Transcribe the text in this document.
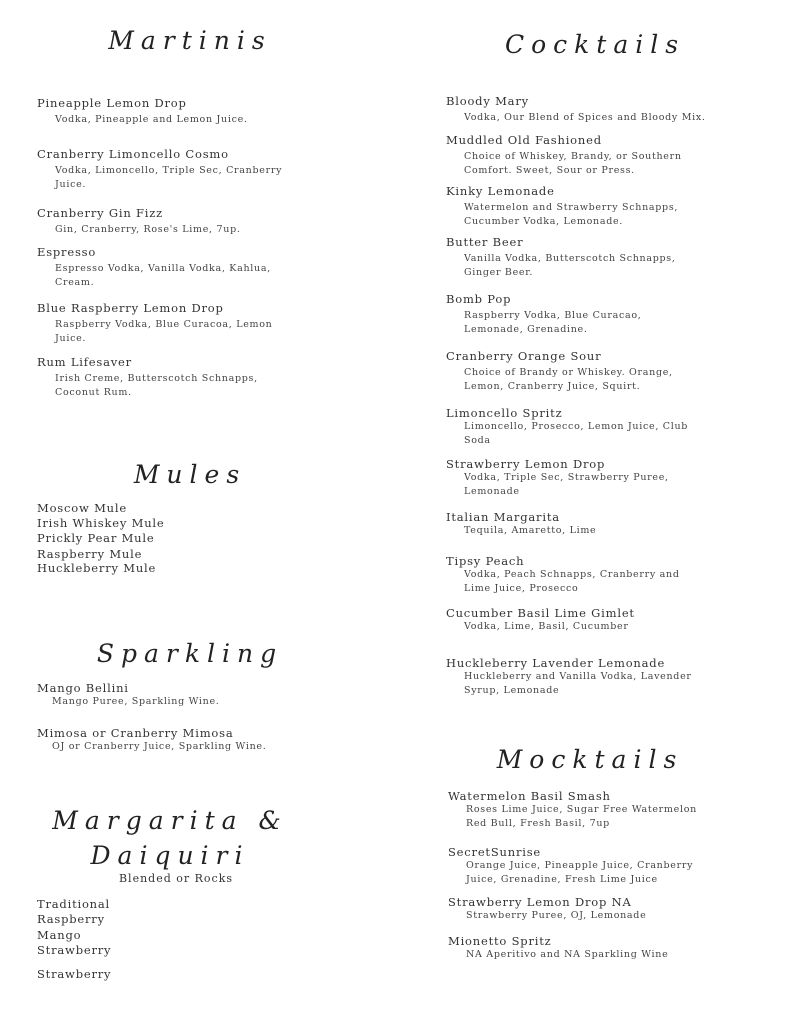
Martinis
Pineapple Lemon Drop
Vodka, Pineapple and Lemon Juice.
Cranberry Limoncello Cosmo
Vodka, Limoncello, Triple Sec, Cranberry Juice.
Cranberry Gin Fizz
Gin, Cranberry, Rose's Lime, 7up.
Espresso
Espresso Vodka, Vanilla Vodka, Kahlua, Cream.
Blue Raspberry Lemon Drop
Raspberry Vodka, Blue Curacoa, Lemon Juice.
Rum Lifesaver
Irish Creme, Butterscotch Schnapps, Coconut Rum.
Mules
Moscow Mule
Irish Whiskey Mule
Prickly Pear Mule
Raspberry Mule
Huckleberry Mule
Sparkling
Mango Bellini
Mango Puree, Sparkling Wine.
Mimosa or Cranberry Mimosa
OJ or Cranberry Juice, Sparkling Wine.
Margarita &
Daiquiri
Blended or Rocks
Traditional
Raspberry
Mango
Strawberry
Strawberry
Cocktails
Bloody Mary
Vodka, Our Blend of Spices and Bloody Mix.
Muddled Old Fashioned
Choice of Whiskey, Brandy, or Southern Comfort. Sweet, Sour or Press.
Kinky Lemonade
Watermelon and Strawberry Schnapps, Cucumber Vodka, Lemonade.
Butter Beer
Vanilla Vodka, Butterscotch Schnapps, Ginger Beer.
Bomb Pop
Raspberry Vodka, Blue Curacao, Lemonade, Grenadine.
Cranberry Orange Sour
Choice of Brandy or Whiskey. Orange, Lemon, Cranberry Juice, Squirt.
Limoncello Spritz
Limoncello, Prosecco, Lemon Juice, Club Soda
Strawberry Lemon Drop
Vodka, Triple Sec, Strawberry Puree, Lemonade
Italian Margarita
Tequila, Amaretto, Lime
Tipsy Peach
Vodka, Peach Schnapps, Cranberry and Lime Juice, Prosecco
Cucumber Basil Lime Gimlet
Vodka, Lime, Basil, Cucumber
Huckleberry Lavender Lemonade
Huckleberry and Vanilla Vodka, Lavender Syrup, Lemonade
Mocktails
Watermelon Basil Smash
Roses Lime Juice, Sugar Free Watermelon Red Bull, Fresh Basil, 7up
SecretSunrise
Orange Juice, Pineapple Juice, Cranberry Juice, Grenadine, Fresh Lime Juice
Strawberry Lemon Drop NA
Strawberry Puree, OJ, Lemonade
Mionetto Spritz
NA Aperitivo and NA Sparkling Wine
